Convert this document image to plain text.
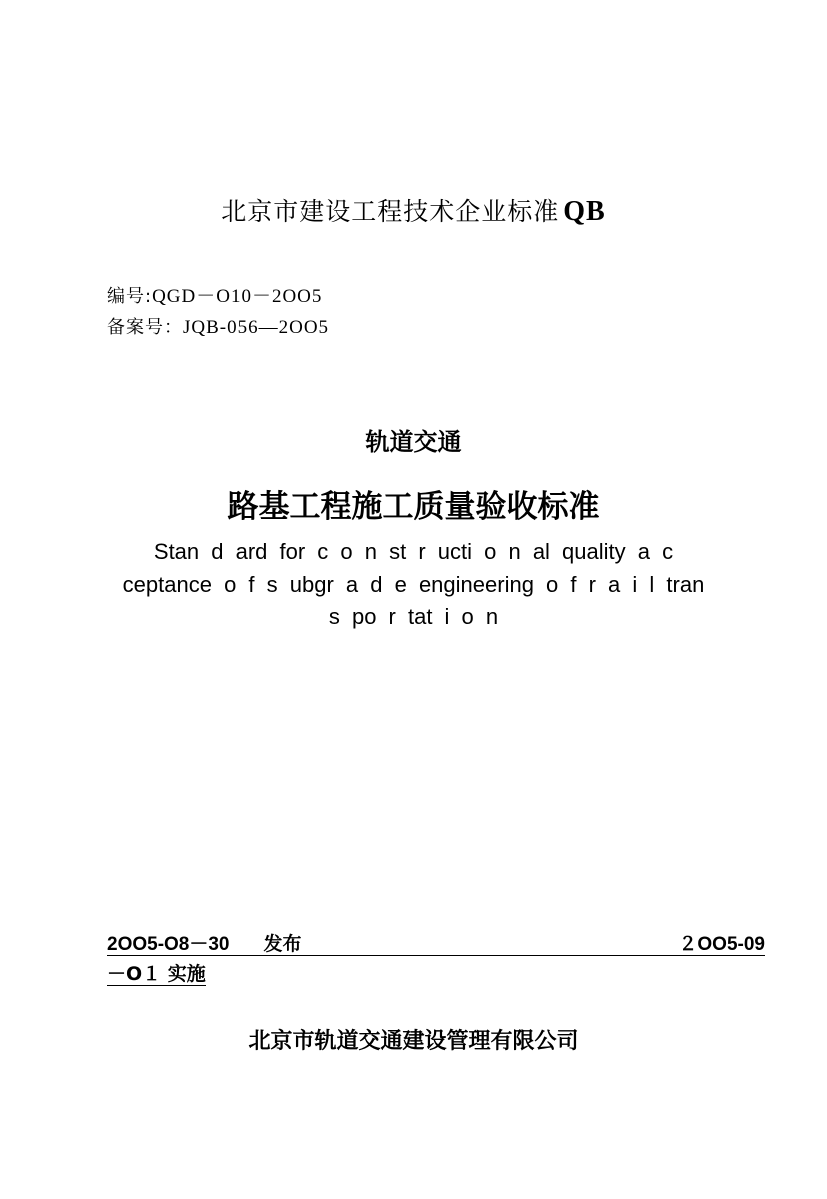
北京市建设工程技术企业标准 QB
编号:QGD－O10－2OO5
备案号：JQB-056—2OO5
轨道交通
路基工程施工质量验收标准
Stan d ard for c o n st r ucti o n al quality a c ceptance o f s ubgr a d e engineering o f r a i l tran s po r tat i o n
2OO5-O8－30 发布	２OO5-09
－O１ 实施
北京市轨道交通建设管理有限公司
